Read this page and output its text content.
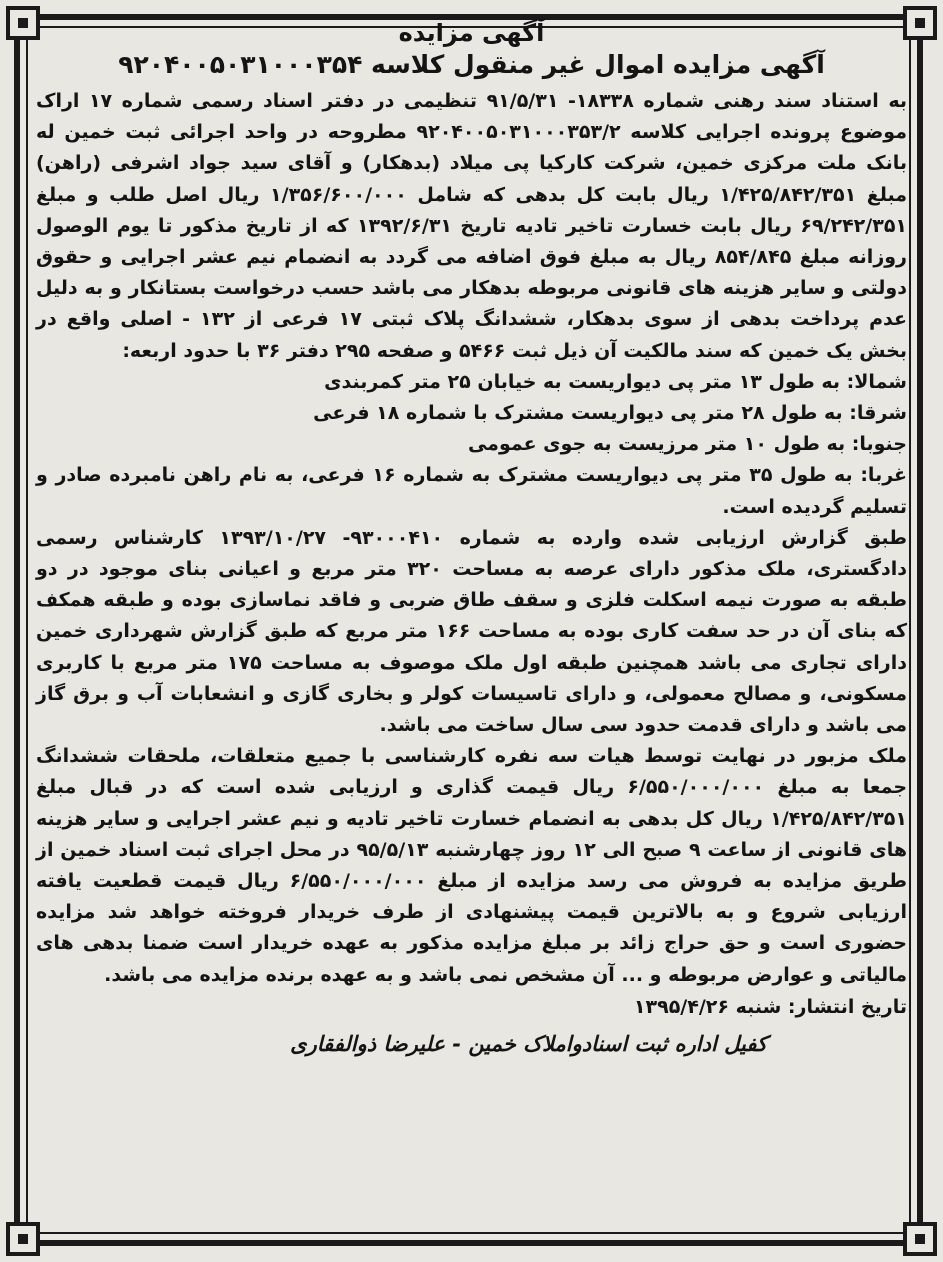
آگهی مزایده

آگهی مزایده اموال غیر منقول کلاسه ۹۲۰۴۰۰۵۰۳۱۰۰۰۳۵۴

به استناد سند رهنی شماره ۱۸۳۳۸- ۹۱/۵/۳۱ تنظیمی در دفتر اسناد رسمی شماره ۱۷ اراک موضوع پرونده اجرایی کلاسه ۹۲۰۴۰۰۵۰۳۱۰۰۰۳۵۳/۲ مطروحه در واحد اجرائی ثبت خمین له بانک ملت مرکزی خمین، شرکت کارکیا پی میلاد (بدهکار) و آقای سید جواد اشرفی (راهن) مبلغ ۱/۴۲۵/۸۴۲/۳۵۱ ریال بابت کل بدهی که شامل ۱/۳۵۶/۶۰۰/۰۰۰ ریال اصل طلب و مبلغ ۶۹/۲۴۲/۳۵۱ ریال بابت خسارت تاخیر تادیه تاریخ ۱۳۹۲/۶/۳۱ که از تاریخ مذکور تا یوم الوصول روزانه مبلغ ۸۵۴/۸۴۵ ریال به مبلغ فوق اضافه می گردد به انضمام نیم عشر اجرایی و حقوق دولتی و سایر هزینه های قانونی مربوطه بدهکار می باشد حسب درخواست بستانکار و به دلیل عدم پرداخت بدهی از سوی بدهکار، ششدانگ پلاک ثبتی ۱۷ فرعی از ۱۳۲ - اصلی واقع در بخش یک خمین که سند مالکیت آن ذیل ثبت ۵۴۶۶ و صفحه ۲۹۵ دفتر ۳۶ با حدود اربعه:

شمالا: به طول ۱۳ متر پی دیواریست به خیابان ۲۵ متر کمربندی

شرقا: به طول ۲۸ متر پی دیواریست مشترک با شماره ۱۸ فرعی

جنوبا: به طول ۱۰ متر مرزیست به جوی عمومی

غربا: به طول ۳۵ متر پی دیواریست مشترک به شماره ۱۶ فرعی، به نام راهن نامبرده صادر و تسلیم گردیده است.

طبق گزارش ارزیابی شده وارده به شماره ۹۳۰۰۰۴۱۰- ۱۳۹۳/۱۰/۲۷ کارشناس رسمی دادگستری، ملک مذکور دارای عرصه به مساحت ۳۲۰ متر مربع و اعیانی بنای موجود در دو طبقه به صورت نیمه اسکلت فلزی و سقف طاق ضربی و فاقد نماسازی بوده و طبقه همکف که بنای آن در حد سفت کاری بوده به مساحت ۱۶۶ متر مربع که طبق گزارش شهرداری خمین دارای تجاری می باشد همچنین طبقه اول ملک موصوف به مساحت ۱۷۵ متر مربع با کاربری مسکونی، و مصالح معمولی، و دارای تاسیسات کولر و بخاری گازی و انشعابات آب و برق گاز می باشد و دارای قدمت حدود سی سال ساخت می باشد.

ملک مزبور در نهایت توسط هیات سه نفره کارشناسی با جمیع متعلقات، ملحقات ششدانگ جمعا به مبلغ ۶/۵۵۰/۰۰۰/۰۰۰ ریال قیمت گذاری و ارزیابی شده است که در قبال مبلغ ۱/۴۲۵/۸۴۲/۳۵۱ ریال کل بدهی به انضمام خسارت تاخیر تادیه و نیم عشر اجرایی و سایر هزینه های قانونی از ساعت ۹ صبح الی ۱۲ روز چهارشنبه ۹۵/۵/۱۳ در محل اجرای ثبت اسناد خمین از طریق مزایده به فروش می رسد مزایده از مبلغ ۶/۵۵۰/۰۰۰/۰۰۰ ریال قیمت قطعیت یافته ارزیابی شروع و به بالاترین قیمت پیشنهادی از طرف خریدار فروخته خواهد شد مزایده حضوری است و حق حراج زائد بر مبلغ مزایده مذکور به عهده خریدار است ضمنا بدهی های مالیاتی و عوارض مربوطه و ... آن مشخص نمی باشد و به عهده برنده مزایده می باشد.

تاریخ انتشار: شنبه ۱۳۹۵/۴/۲۶

کفیل اداره ثبت اسنادواملاک خمین - علیرضا ذوالفقاری
